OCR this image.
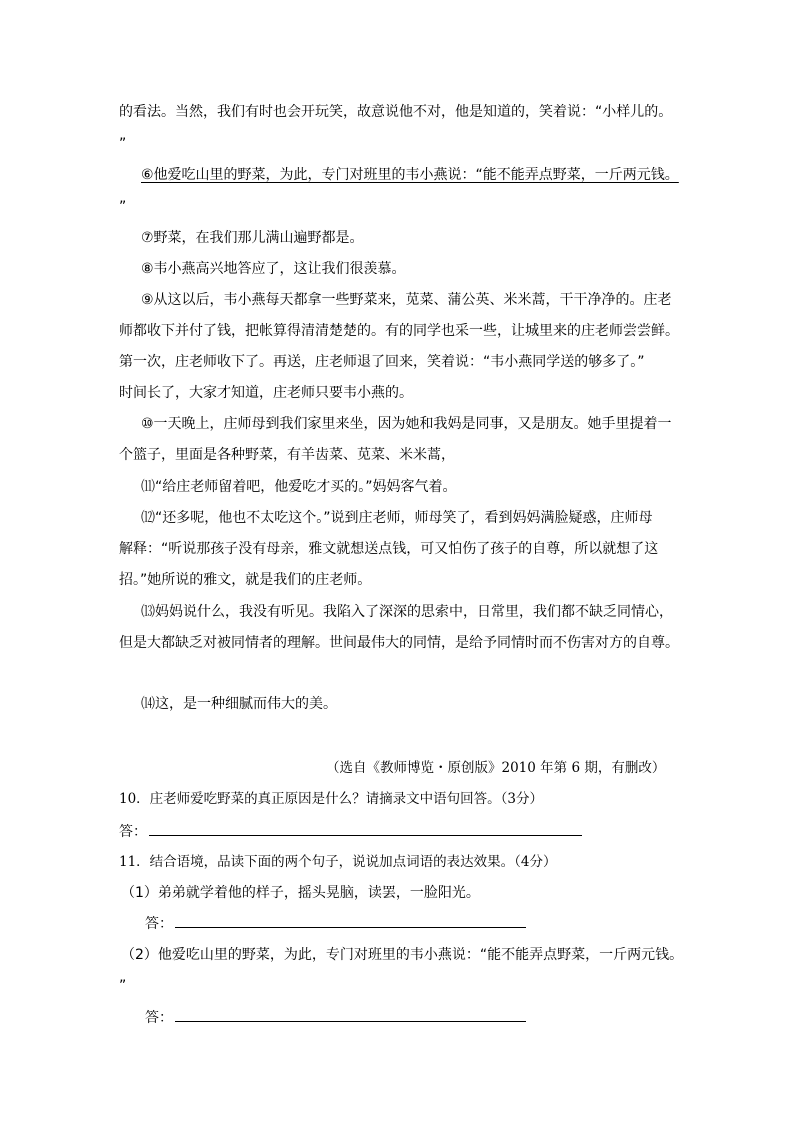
的看法。当然，我们有时也会开玩笑，故意说他不对，他是知道的，笑着说：“小样儿的。
”
⑥他爱吃山里的野菜，为此，专门对班里的韦小燕说：“能不能弄点野菜，一斤两元钱。
”
⑦野菜，在我们那儿满山遍野都是。
⑧韦小燕高兴地答应了，这让我们很羡慕。
⑨从这以后，韦小燕每天都拿一些野菜来，苋菜、蒲公英、米米蒿，干干净净的。庄老
师都收下并付了钱，把帐算得清清楚楚的。有的同学也采一些，让城里来的庄老师尝尝鲜。
第一次，庄老师收下了。再送，庄老师退了回来，笑着说：“韦小燕同学送的够多了。”
时间长了，大家才知道，庄老师只要韦小燕的。
⑩一天晚上，庄师母到我们家里来坐，因为她和我妈是同事，又是朋友。她手里提着一
个篮子，里面是各种野菜，有羊齿菜、苋菜、米米蒿，
⑾“给庄老师留着吧，他爱吃才买的。”妈妈客气着。
⑿“还多呢，他也不太吃这个。”说到庄老师，师母笑了，看到妈妈满脸疑惑，庄师母
解释：“听说那孩子没有母亲，雅文就想送点钱，可又怕伤了孩子的自尊，所以就想了这
招。”她所说的雅文，就是我们的庄老师。
⒀妈妈说什么，我没有听见。我陷入了深深的思索中，日常里，我们都不缺乏同情心，
但是大都缺乏对被同情者的理解。世间最伟大的同情，是给予同情时而不伤害对方的自尊。
⒁这，是一种细腻而伟大的美。
（选自《教师博览・原创版》2010 年第 6 期，有删改）
10．庄老师爱吃野菜的真正原因是什么？请摘录文中语句回答。（3分）
答：
11．结合语境，品读下面的两个句子，说说加点词语的表达效果。（4分）
（1）弟弟就学着他的样子，摇头晃脑，读罢，一脸阳光。
答：
（2）他爱吃山里的野菜，为此，专门对班里的韦小燕说：“能不能弄点野菜，一斤两元钱。
”
答：
